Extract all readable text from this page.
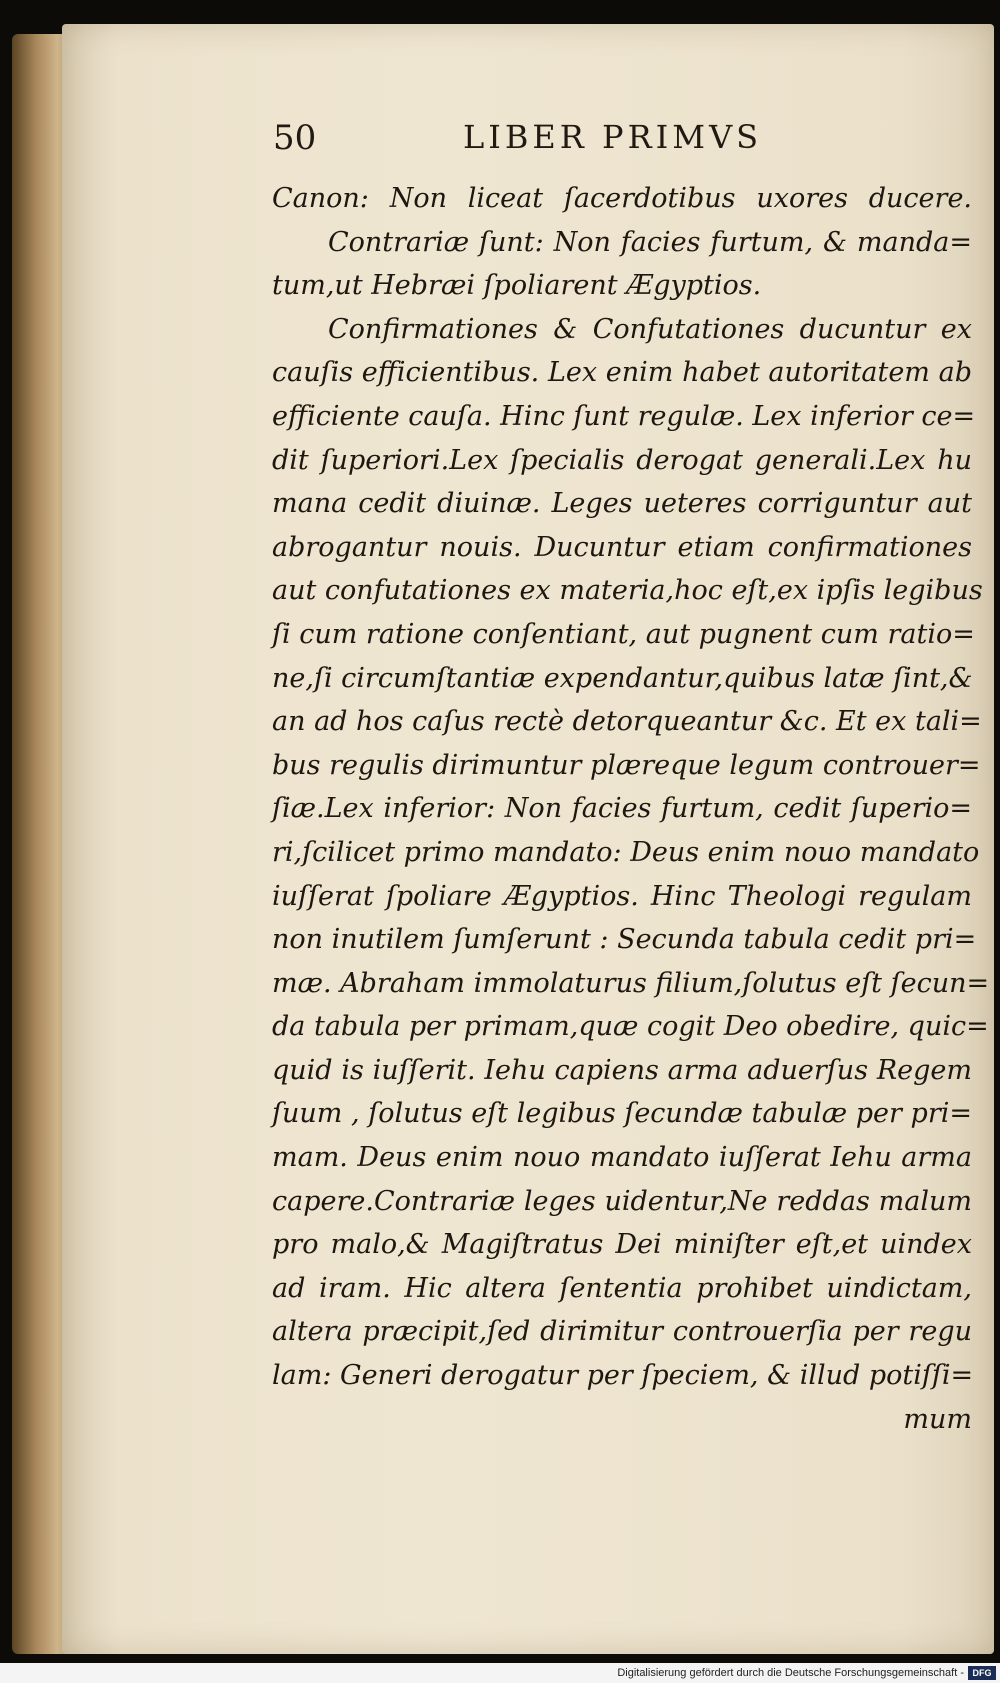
50	LIBER PRIMVS
Canon: Non liceat ſacerdotibus uxores ducere.
Contrariæ ſunt: Non facies furtum, & manda=
tum,ut Hebræi ſpoliarent Ægyptios.
Confirmationes & Confutationes ducuntur ex
cauſis efficientibus. Lex enim habet autoritatem ab
efficiente cauſa. Hinc ſunt regulæ. Lex inferior ce=
dit ſuperiori.Lex ſpecialis derogat generali.Lex hu
mana cedit diuinæ. Leges ueteres corriguntur aut
abrogantur nouis. Ducuntur etiam confirmationes
aut confutationes ex materia,hoc eſt,ex ipſis legibus
ſi cum ratione conſentiant, aut pugnent cum ratio=
ne,ſi circumſtantiæ expendantur,quibus latæ ſint,&
an ad hos caſus rectè detorqueantur &c. Et ex tali=
bus regulis dirimuntur plæreque legum controuer=
ſiæ.Lex inferior: Non facies furtum, cedit ſuperio=
ri,ſcilicet primo mandato: Deus enim nouo mandato
iuſſerat ſpoliare Ægyptios. Hinc Theologi regulam
non inutilem ſumſerunt : Secunda tabula cedit pri=
mæ. Abraham immolaturus filium,ſolutus eſt ſecun=
da tabula per primam,quæ cogit Deo obedire, quic=
quid is iuſſerit. Iehu capiens arma aduerſus Regem
ſuum , ſolutus eſt legibus ſecundæ tabulæ per pri=
mam. Deus enim nouo mandato iuſſerat Iehu arma
capere.Contrariæ leges uidentur,Ne reddas malum
pro malo,& Magiſtratus Dei miniſter eſt,et uindex
ad iram. Hic altera ſententia prohibet uindictam,
altera præcipit,ſed dirimitur controuerſia per regu
lam: Generi derogatur per ſpeciem, & illud potiſſi=
mum
Digitalisierung gefördert durch die Deutsche Forschungsgemeinschaft - DFG
